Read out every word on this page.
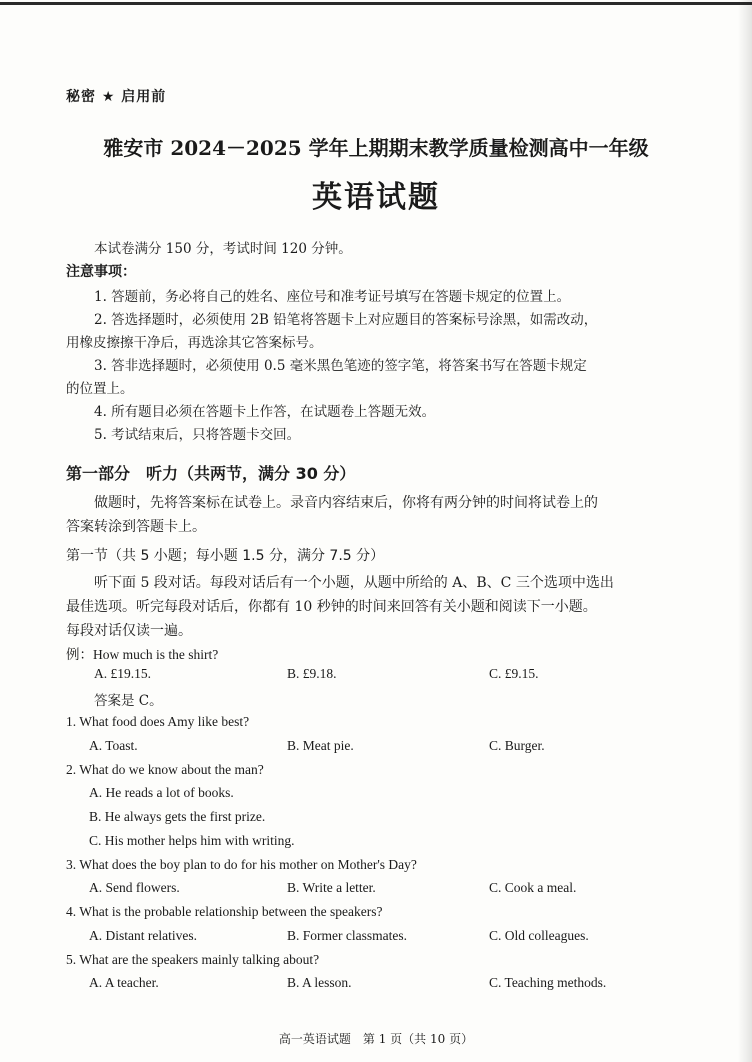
秘密 ★ 启用前
雅安市 2024－2025 学年上期期末教学质量检测高中一年级
英语试题
本试卷满分 150 分，考试时间 120 分钟。
注意事项：
1. 答题前，务必将自己的姓名、座位号和准考证号填写在答题卡规定的位置上。
2. 答选择题时，必须使用 2B 铅笔将答题卡上对应题目的答案标号涂黑，如需改动，
用橡皮擦擦干净后，再选涂其它答案标号。
3. 答非选择题时，必须使用 0.5 毫米黑色笔迹的签字笔，将答案书写在答题卡规定
的位置上。
4. 所有题目必须在答题卡上作答，在试题卷上答题无效。
5. 考试结束后，只将答题卡交回。
第一部分　听力（共两节，满分 30 分）
做题时，先将答案标在试卷上。录音内容结束后，你将有两分钟的时间将试卷上的
答案转涂到答题卡上。
第一节（共 5 小题；每小题 1.5 分，满分 7.5 分）
听下面 5 段对话。每段对话后有一个小题，从题中所给的 A、B、C 三个选项中选出
最佳选项。听完每段对话后，你都有 10 秒钟的时间来回答有关小题和阅读下一小题。
每段对话仅读一遍。
例：How much is the shirt?
A. £19.15.	B. £9.18.	C. £9.15.
答案是 C。
1. What food does Amy like best?
A. Toast.	B. Meat pie.	C. Burger.
2. What do we know about the man?
A. He reads a lot of books.
B. He always gets the first prize.
C. His mother helps him with writing.
3. What does the boy plan to do for his mother on Mother's Day?
A. Send flowers.	B. Write a letter.	C. Cook a meal.
4. What is the probable relationship between the speakers?
A. Distant relatives.	B. Former classmates.	C. Old colleagues.
5. What are the speakers mainly talking about?
A. A teacher.	B. A lesson.	C. Teaching methods.
高一英语试题　第 1 页（共 10 页）
